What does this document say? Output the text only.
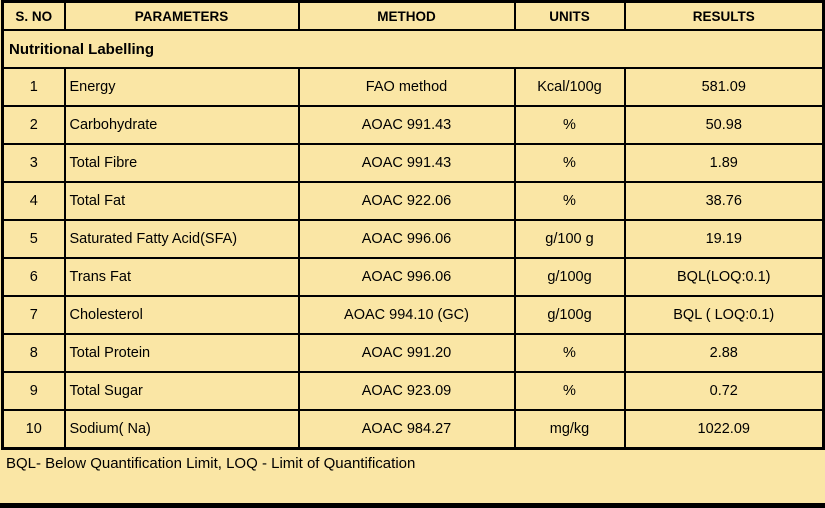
S. NO	PARAMETERS	METHOD	UNITS	RESULTS
Nutritional Labelling				
1	Energy	FAO method	Kcal/100g	581.09
2	Carbohydrate	AOAC 991.43	%	50.98
3	Total Fibre	AOAC 991.43	%	1.89
4	Total Fat	AOAC 922.06	%	38.76
5	Saturated Fatty Acid(SFA)	AOAC 996.06	g/100 g	19.19
6	Trans Fat	AOAC 996.06	g/100g	BQL(LOQ:0.1)
7	Cholesterol	AOAC 994.10 (GC)	g/100g	BQL ( LOQ:0.1)
8	Total Protein	AOAC 991.20	%	2.88
9	Total Sugar	AOAC 923.09	%	0.72
10	Sodium( Na)	AOAC 984.27	mg/kg	1022.09
BQL- Below Quantification Limit, LOQ - Limit of Quantification
